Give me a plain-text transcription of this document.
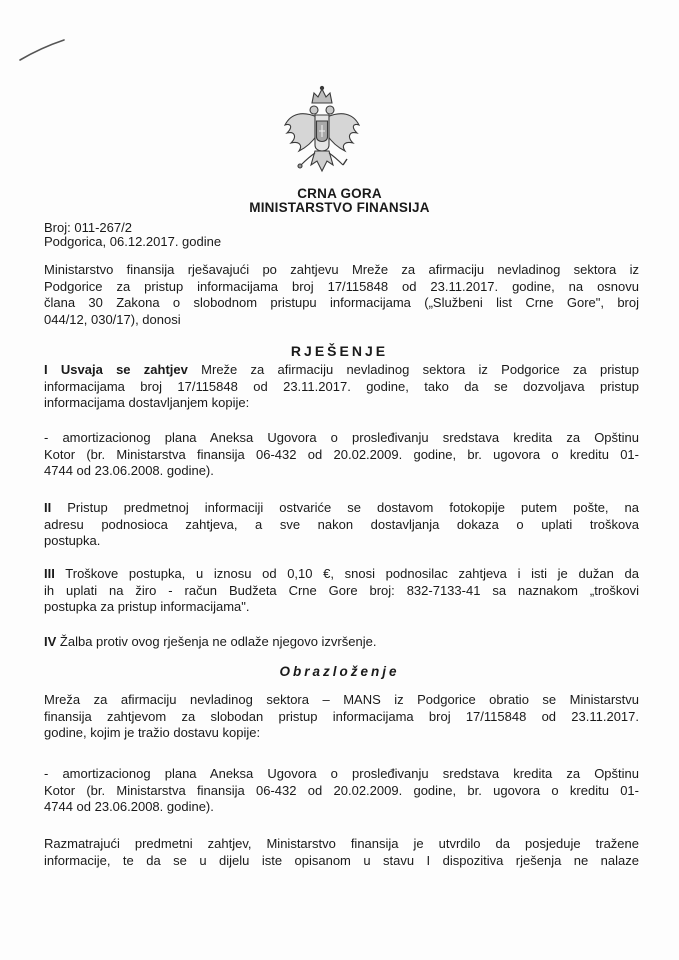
CRNA GORA
MINISTARSTVO FINANSIJA
Broj: 011-267/2
Podgorica, 06.12.2017. godine
Ministarstvo finansija rješavajući po zahtjevu Mreže za afirmaciju nevladinog sektora iz
Podgorice za pristup informacijama broj 17/115848 od 23.11.2017. godine, na osnovu
člana 30 Zakona o slobodnom pristupu informacijama („Službeni list Crne Gore", broj
044/12, 030/17), donosi
RJEŠENJE
I Usvaja se zahtjev Mreže za afirmaciju nevladinog sektora iz Podgorice za pristup
informacijama broj 17/115848 od 23.11.2017. godine, tako da se dozvoljava pristup
informacijama dostavljanjem kopije:
- amortizacionog plana Aneksa Ugovora o prosleđivanju sredstava kredita za Opštinu
Kotor (br. Ministarstva finansija 06-432 od 20.02.2009. godine, br. ugovora o kreditu 01-
4744 od 23.06.2008. godine).
II Pristup predmetnoj informaciji ostvariće se dostavom fotokopije putem pošte, na
adresu podnosioca zahtjeva, a sve nakon dostavljanja dokaza o uplati troškova
postupka.
III Troškove postupka, u iznosu od 0,10 €, snosi podnosilac zahtjeva i isti je dužan da
ih uplati na žiro - račun Budžeta Crne Gore broj: 832-7133-41 sa naznakom „troškovi
postupka za pristup informacijama".
IV Žalba protiv ovog rješenja ne odlaže njegovo izvršenje.
Obrazloženje
Mreža za afirmaciju nevladinog sektora – MANS iz Podgorice obratio se Ministarstvu
finansija zahtjevom za slobodan pristup informacijama broj 17/115848 od 23.11.2017.
godine, kojim je tražio dostavu kopije:
- amortizacionog plana Aneksa Ugovora o prosleđivanju sredstava kredita za Opštinu
Kotor (br. Ministarstva finansija 06-432 od 20.02.2009. godine, br. ugovora o kreditu 01-
4744 od 23.06.2008. godine).
Razmatrajući predmetni zahtjev, Ministarstvo finansija je utvrdilo da posjeduje tražene
informacije, te da se u dijelu iste opisanom u stavu I dispozitiva rješenja ne nalaze
